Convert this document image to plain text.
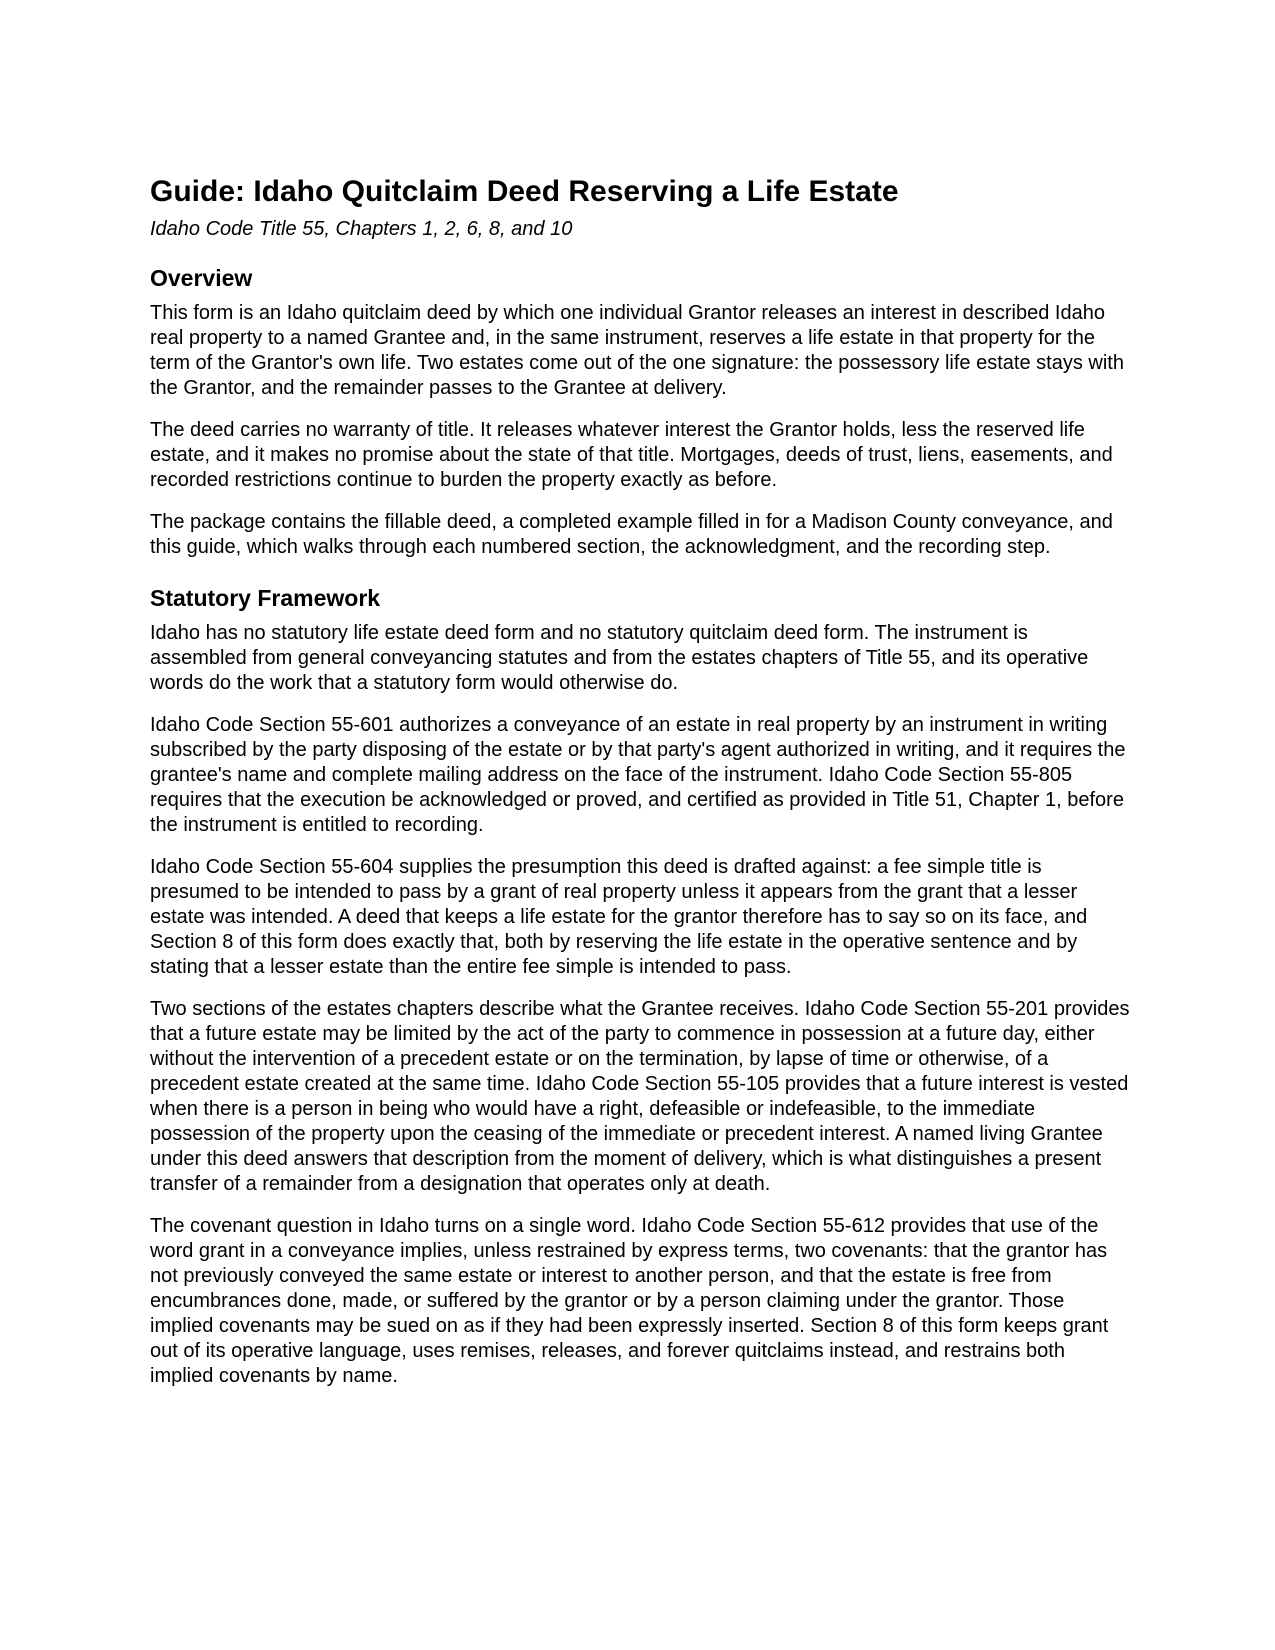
Guide: Idaho Quitclaim Deed Reserving a Life Estate
Idaho Code Title 55, Chapters 1, 2, 6, 8, and 10
Overview

This form is an Idaho quitclaim deed by which one individual Grantor releases an interest in described Idaho real property to a named Grantee and, in the same instrument, reserves a life estate in that property for the term of the Grantor's own life. Two estates come out of the one signature: the possessory life estate stays with the Grantor, and the remainder passes to the Grantee at delivery.

The deed carries no warranty of title. It releases whatever interest the Grantor holds, less the reserved life estate, and it makes no promise about the state of that title. Mortgages, deeds of trust, liens, easements, and recorded restrictions continue to burden the property exactly as before.

The package contains the fillable deed, a completed example filled in for a Madison County conveyance, and this guide, which walks through each numbered section, the acknowledgment, and the recording step.

Statutory Framework

Idaho has no statutory life estate deed form and no statutory quitclaim deed form. The instrument is assembled from general conveyancing statutes and from the estates chapters of Title 55, and its operative words do the work that a statutory form would otherwise do.

Idaho Code Section 55-601 authorizes a conveyance of an estate in real property by an instrument in writing subscribed by the party disposing of the estate or by that party's agent authorized in writing, and it requires the grantee's name and complete mailing address on the face of the instrument. Idaho Code Section 55-805 requires that the execution be acknowledged or proved, and certified as provided in Title 51, Chapter 1, before the instrument is entitled to recording.

Idaho Code Section 55-604 supplies the presumption this deed is drafted against: a fee simple title is presumed to be intended to pass by a grant of real property unless it appears from the grant that a lesser estate was intended. A deed that keeps a life estate for the grantor therefore has to say so on its face, and Section 8 of this form does exactly that, both by reserving the life estate in the operative sentence and by stating that a lesser estate than the entire fee simple is intended to pass.

Two sections of the estates chapters describe what the Grantee receives. Idaho Code Section 55-201 provides that a future estate may be limited by the act of the party to commence in possession at a future day, either without the intervention of a precedent estate or on the termination, by lapse of time or otherwise, of a precedent estate created at the same time. Idaho Code Section 55-105 provides that a future interest is vested when there is a person in being who would have a right, defeasible or indefeasible, to the immediate possession of the property upon the ceasing of the immediate or precedent interest. A named living Grantee under this deed answers that description from the moment of delivery, which is what distinguishes a present transfer of a remainder from a designation that operates only at death.

The covenant question in Idaho turns on a single word. Idaho Code Section 55-612 provides that use of the word grant in a conveyance implies, unless restrained by express terms, two covenants: that the grantor has not previously conveyed the same estate or interest to another person, and that the estate is free from encumbrances done, made, or suffered by the grantor or by a person claiming under the grantor. Those implied covenants may be sued on as if they had been expressly inserted. Section 8 of this form keeps grant out of its operative language, uses remises, releases, and forever quitclaims instead, and restrains both implied covenants by name.
